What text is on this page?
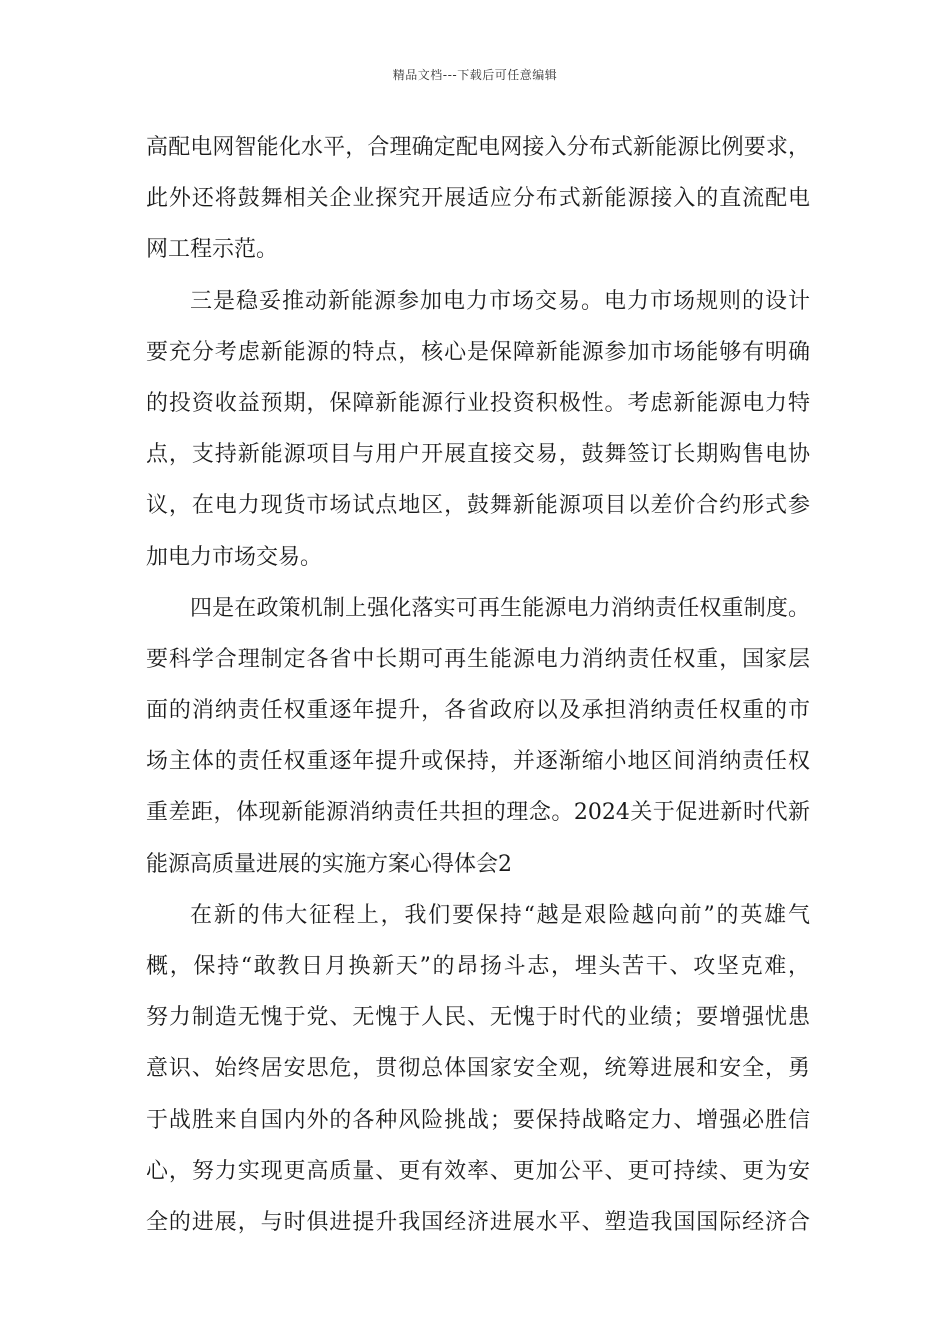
精品文档---下载后可任意编辑
高配电网智能化水平，合理确定配电网接入分布式新能源比例要求，
此外还将鼓舞相关企业探究开展适应分布式新能源接入的直流配电
网工程示范。
三是稳妥推动新能源参加电力市场交易。电力市场规则的设计
要充分考虑新能源的特点，核心是保障新能源参加市场能够有明确
的投资收益预期，保障新能源行业投资积极性。考虑新能源电力特
点，支持新能源项目与用户开展直接交易，鼓舞签订长期购售电协
议，在电力现货市场试点地区，鼓舞新能源项目以差价合约形式参
加电力市场交易。
四是在政策机制上强化落实可再生能源电力消纳责任权重制度。
要科学合理制定各省中长期可再生能源电力消纳责任权重，国家层
面的消纳责任权重逐年提升，各省政府以及承担消纳责任权重的市
场主体的责任权重逐年提升或保持，并逐渐缩小地区间消纳责任权
重差距，体现新能源消纳责任共担的理念。2024关于促进新时代新
能源高质量进展的实施方案心得体会2
在新的伟大征程上，我们要保持“越是艰险越向前”的英雄气
概，保持“敢教日月换新天”的昂扬斗志，埋头苦干、攻坚克难，
努力制造无愧于党、无愧于人民、无愧于时代的业绩；要增强忧患
意识、始终居安思危，贯彻总体国家安全观，统筹进展和安全，勇
于战胜来自国内外的各种风险挑战；要保持战略定力、增强必胜信
心，努力实现更高质量、更有效率、更加公平、更可持续、更为安
全的进展，与时俱进提升我国经济进展水平、塑造我国国际经济合
